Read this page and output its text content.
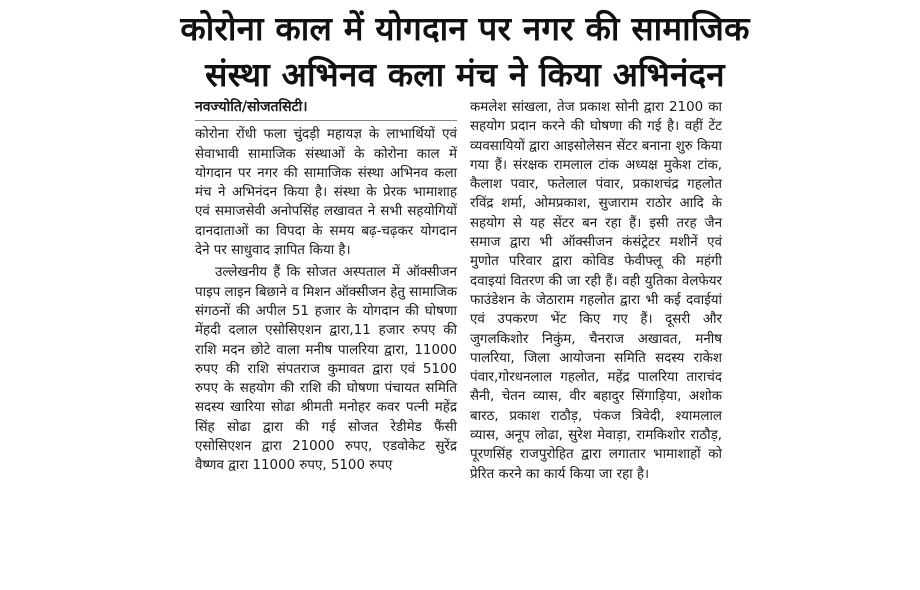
कोरोना काल में योगदान पर नगर की सामाजिक
संस्था अभिनव कला मंच ने किया अभिनंदन
नवज्योति/सोजतसिटी।

कोरोना रोंधी फला चुंदड़ी महायज्ञ के लाभार्थियों एवं सेवाभावी सामाजिक संस्थाओं के कोरोना काल में योगदान पर नगर की सामाजिक संस्था अभिनव कला मंच ने अभिनंदन किया है। संस्था के प्रेरक भामाशाह एवं समाजसेवी अनोपसिंह लखावत ने सभी सहयोगियों दानदाताओं का विपदा के समय बढ़-चढ़कर योगदान देने पर साधुवाद ज्ञापित किया है।

उल्लेखनीय हैं कि सोजत अस्पताल में ऑक्सीजन पाइप लाइन बिछाने व मिशन ऑक्सीजन हेतु सामाजिक संगठनों की अपील 51 हजार के योगदान की घोषणा मेंहदी दलाल एसोसिएशन द्वारा,11 हजार रुपए की राशि मदन छोटे वाला मनीष पालरिया द्वारा, 11000 रुपए की राशि संपतराज कुमावत द्वारा एवं 5100 रुपए के सहयोग की राशि की घोषणा पंचायत समिति सदस्य खारिया सोढा श्रीमती मनोहर कवर पत्नी महेंद्र सिंह सोढा द्वारा की गई सोजत रेडीमेड फैंसी एसोसिएशन द्वारा 21000 रुपए, एडवोकेट सुरेंद्र वैष्णव द्वारा 11000 रुपए, 5100 रुपए

कमलेश सांखला, तेज प्रकाश सोनी द्वारा 2100 का सहयोग प्रदान करने की घोषणा की गई है। वहीं टेंट व्यवसायियों द्वारा आइसोलेसन सेंटर बनाना शुरु किया गया हैं। संरक्षक रामलाल टांक अध्यक्ष मुकेश टांक, कैलाश पवार, फतेलाल पंवार, प्रकाशचंद्र गहलोत रविंद्र शर्मा, ओमप्रकाश, सुजाराम राठोर आदि के सहयोग से यह सेंटर बन रहा हैं। इसी तरह जैन समाज द्वारा भी ऑक्सीजन कंसंट्रेटर मशीनें एवं मुणोत परिवार द्वारा कोविड फेवीफ्लू की महंगी दवाइयां वितरण की जा रही हैं। वही युतिका वेलफेयर फाउंडेशन के जेठाराम गहलोत द्वारा भी कई दवाईयां एवं उपकरण भेंट किए गए हैं। दूसरी और जुगलकिशोर निकुंम, चैनराज अखावत, मनीष पालरिया, जिला आयोजना समिति सदस्य राकेश पंवार,गोरधनलाल गहलोत, महेंद्र पालरिया ताराचंद सैनी, चेतन व्यास, वीर बहादुर सिंगाड़िया, अशोक बारठ, प्रकाश राठौड़, पंकज त्रिवेदी, श्यामलाल व्यास, अनूप लोढा, सुरेश मेवाड़ा, रामकिशोर राठौड़, पूरणसिंह राजपुरोहित द्वारा लगातार भामाशाहों को प्रेरित करने का कार्य किया जा रहा है।
